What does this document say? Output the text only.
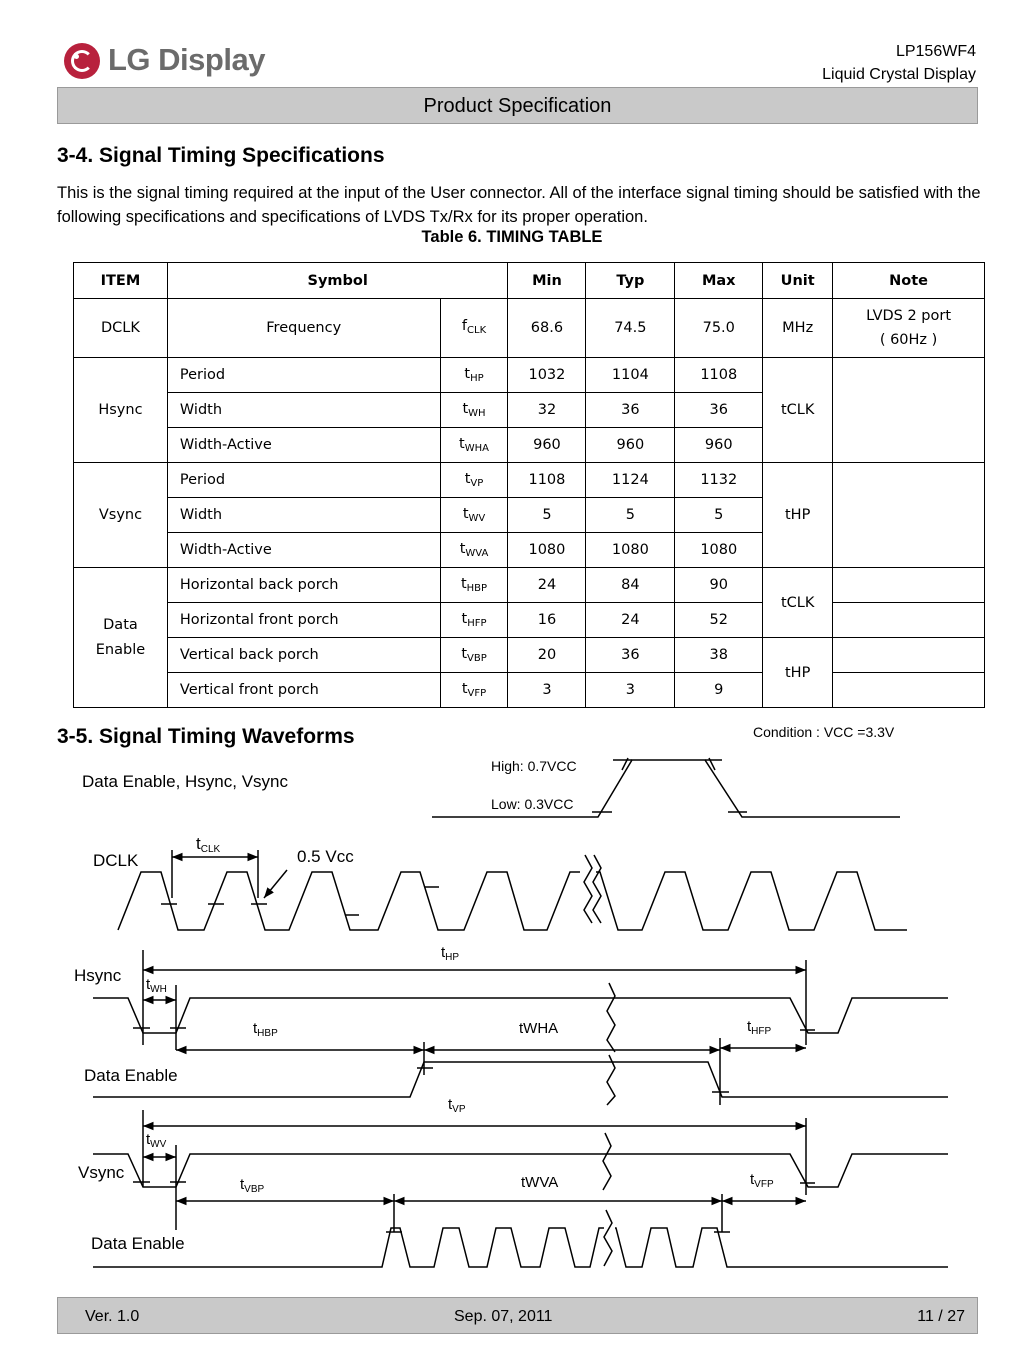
LG Display	LP156WF4
Liquid Crystal Display
Product Specification
3-4. Signal Timing Specifications
This is the signal timing required at the input of the User connector. All of the interface signal timing should be satisfied with the following specifications and specifications of LVDS Tx/Rx for its proper operation.
Table 6. TIMING TABLE
ITEM	Symbol		Min	Typ	Max	Unit	Note
DCLK	Frequency	$f_{CLK}$	68.6	74.5	75.0	MHz	LVDS 2 port
( 60Hz )

Hsync	Period	$t_{HP}$	1032	1104	1108	tCLK	
	Width	$t_{WH}$	32	36	36		
	Width-Active	$t_{WHA}$	960	960	960		
Vsync	Period	$t_{VP}$	1108	1124	1132	tHP	
	Width	$t_{WV}$	5	5	5		
	Width-Active	$t_{WVA}$	1080	1080	1080		

Data
Enable	Horizontal back porch	$t_{HBP}$	24	84	90	tCLK	
	Horizontal front porch	$t_{HFP}$	16	24	52		
	Vertical back porch	$t_{VBP}$	20	36	38	tHP	
	Vertical front porch	$t_{VFP}$	3	3	9		
3-5. Signal Timing Waveforms	Condition : VCC =3.3V
Data Enable, Hsync, Vsync
High: 0.7VCC
Low: 0.3VCC
DCLK
$t_{CLK}$	0.5 Vcc
Hsync
$t_{HP}$
$t_{WH}$
$t_{HBP}$	tWHA	$t_{HFP}$
Data Enable
$t_{VP}$
$t_{WV}$
Vsync
$t_{VBP}$	tWVA	$t_{VFP}$
Data Enable
Ver. 1.0	Sep. 07, 2011	11 / 27
